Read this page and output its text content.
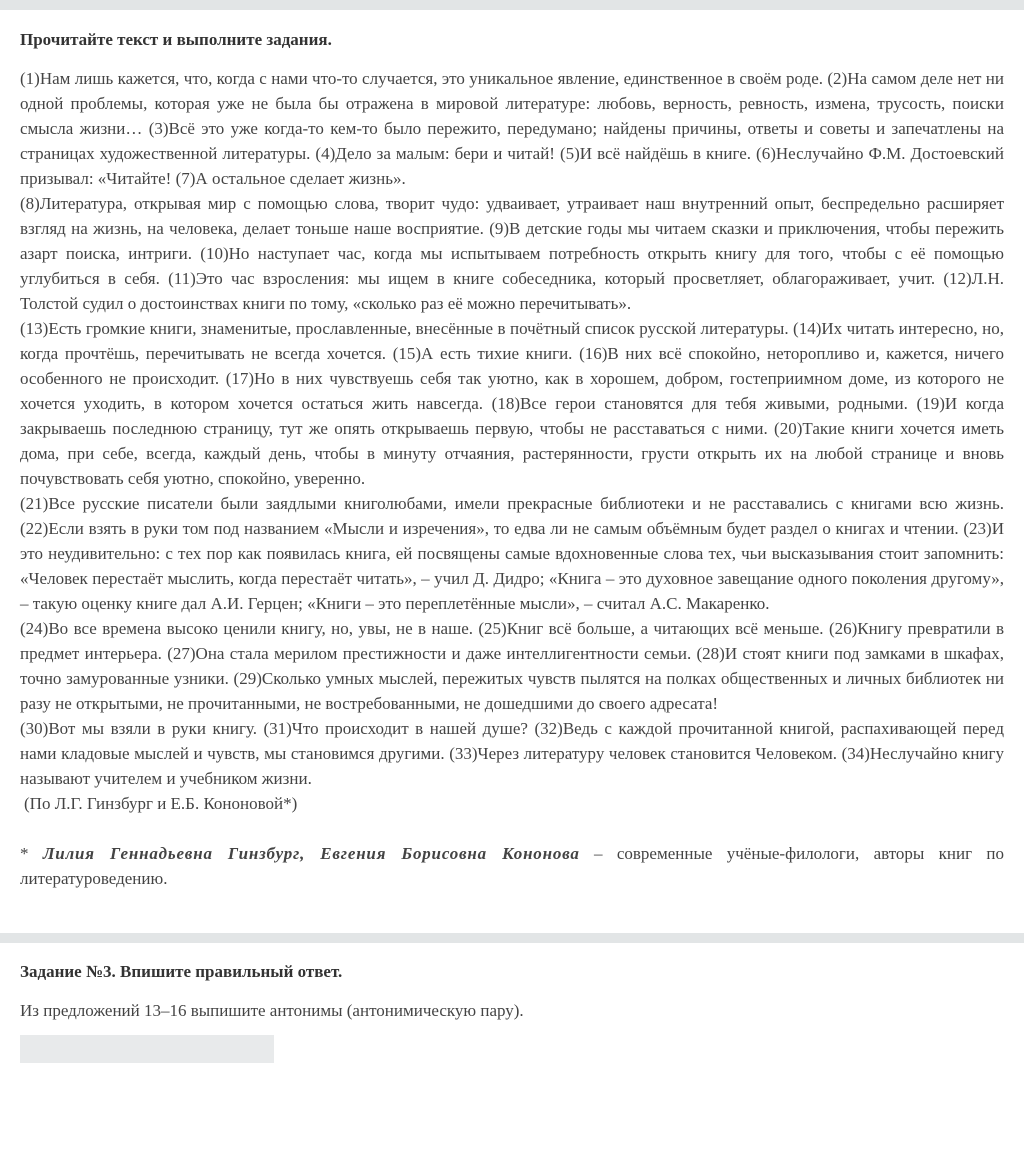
Прочитайте текст и выполните задания.

(1)Нам лишь кажется, что, когда с нами что-то случается, это уникальное явление, единственное в своём роде. (2)На самом деле нет ни одной проблемы, которая уже не была бы отражена в мировой литературе: любовь, верность, ревность, измена, трусость, поиски смысла жизни… (3)Всё это уже когда-то кем-то было пережито, передумано; найдены причины, ответы и советы и запечатлены на страницах художественной литературы. (4)Дело за малым: бери и читай! (5)И всё найдёшь в книге. (6)Неслучайно Ф.М. Достоевский призывал: «Читайте! (7)А остальное сделает жизнь».

(8)Литература, открывая мир с помощью слова, творит чудо: удваивает, утраивает наш внутренний опыт, беспредельно расширяет взгляд на жизнь, на человека, делает тоньше наше восприятие. (9)В детские годы мы читаем сказки и приключения, чтобы пережить азарт поиска, интриги. (10)Но наступает час, когда мы испытываем потребность открыть книгу для того, чтобы с её помощью углубиться в себя. (11)Это час взросления: мы ищем в книге собеседника, который просветляет, облагораживает, учит. (12)Л.Н. Толстой судил о достоинствах книги по тому, «сколько раз её можно перечитывать».

(13)Есть громкие книги, знаменитые, прославленные, внесённые в почётный список русской литературы. (14)Их читать интересно, но, когда прочтёшь, перечитывать не всегда хочется. (15)А есть тихие книги. (16)В них всё спокойно, неторопливо и, кажется, ничего особенного не происходит. (17)Но в них чувствуешь себя так уютно, как в хорошем, добром, гостеприимном доме, из которого не хочется уходить, в котором хочется остаться жить навсегда. (18)Все герои становятся для тебя живыми, родными. (19)И когда закрываешь последнюю страницу, тут же опять открываешь первую, чтобы не расставаться с ними. (20)Такие книги хочется иметь дома, при себе, всегда, каждый день, чтобы в минуту отчаяния, растерянности, грусти открыть их на любой странице и вновь почувствовать себя уютно, спокойно, уверенно.

(21)Все русские писатели были заядлыми книголюбами, имели прекрасные библиотеки и не расставались с книгами всю жизнь. (22)Если взять в руки том под названием «Мысли и изречения», то едва ли не самым объёмным будет раздел о книгах и чтении. (23)И это неудивительно: с тех пор как появилась книга, ей посвящены самые вдохновенные слова тех, чьи высказывания стоит запомнить: «Человек перестаёт мыслить, когда перестаёт читать», – учил Д. Дидро; «Книга – это духовное завещание одного поколения другому», – такую оценку книге дал А.И. Герцен; «Книги – это переплетённые мысли», – считал А.С. Макаренко.

(24)Во все времена высоко ценили книгу, но, увы, не в наше. (25)Книг всё больше, а читающих всё меньше. (26)Книгу превратили в предмет интерьера. (27)Она стала мерилом престижности и даже интеллигентности семьи. (28)И стоят книги под замками в шкафах, точно замурованные узники. (29)Сколько умных мыслей, пережитых чувств пылятся на полках общественных и личных библиотек ни разу не открытыми, не прочитанными, не востребованными, не дошедшими до своего адресата!

(30)Вот мы взяли в руки книгу. (31)Что происходит в нашей душе? (32)Ведь с каждой прочитанной книгой, распахивающей перед нами кладовые мыслей и чувств, мы становимся другими. (33)Через литературу человек становится Человеком. (34)Неслучайно книгу называют учителем и учебником жизни.

(По Л.Г. Гинзбург и Е.Б. Кононовой*)

* Лилия Геннадьевна Гинзбург, Евгения Борисовна Кононова – современные учёные-филологи, авторы книг по литературоведению.

Задание №3. Впишите правильный ответ.
Из предложений 13–16 выпишите антонимы (антонимическую пару).
